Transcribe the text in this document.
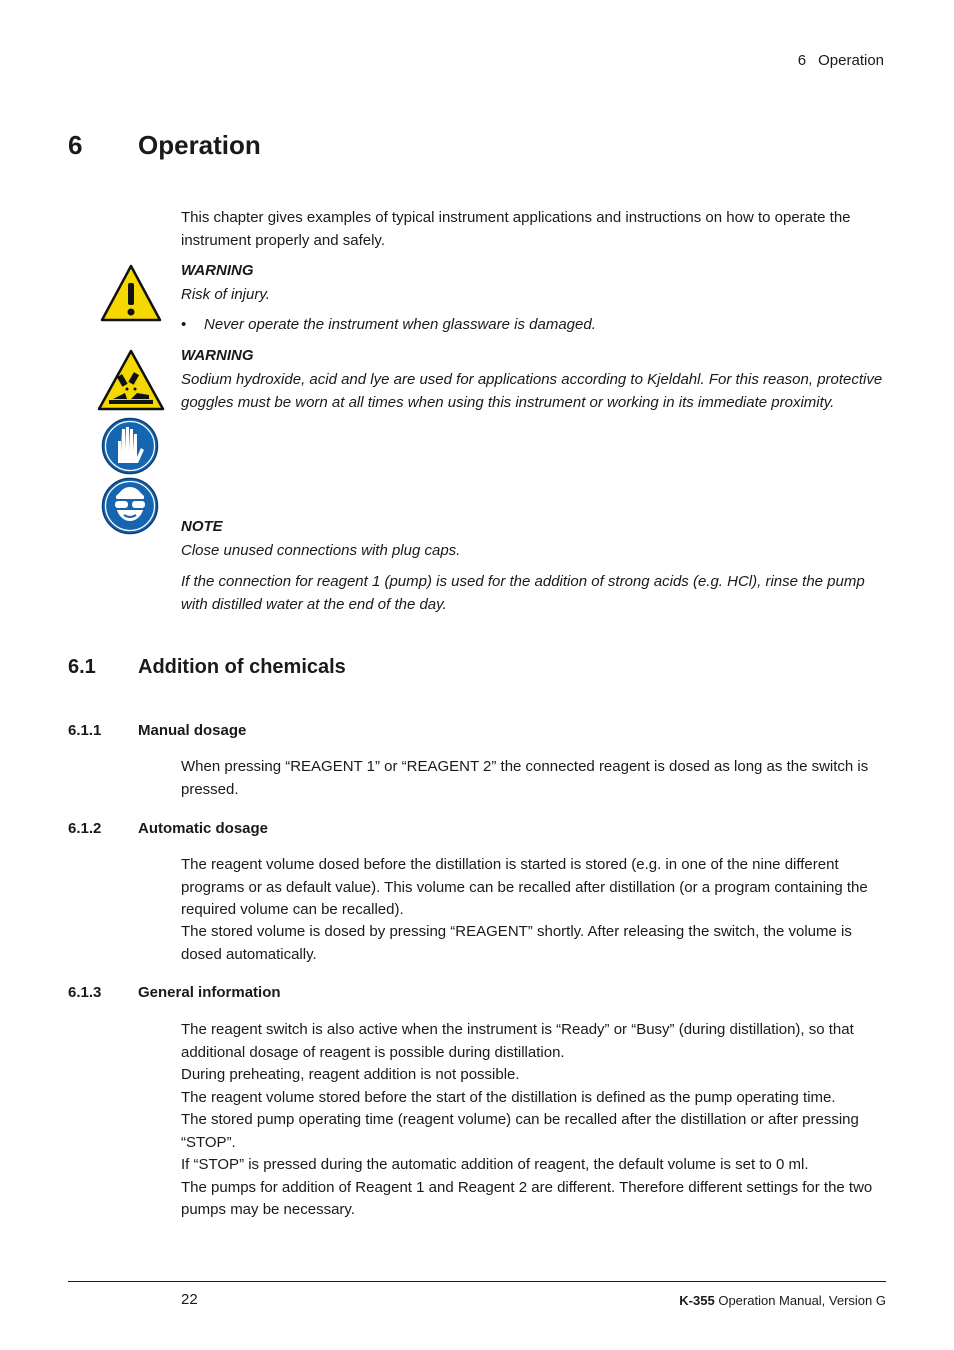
6 Operation
6 Operation

This chapter gives examples of typical instrument applications and instructions on how to operate the instrument properly and safely.

WARNING
Risk of injury.
• Never operate the instrument when glassware is damaged.
WARNING

Sodium hydroxide, acid and lye are used for applications according to Kjeldahl. For this reason, protective goggles must be worn at all times when using this instrument or working in its immediate proximity.

NOTE

Close unused connections with plug caps.

If the connection for reagent 1 (pump) is used for the addition of strong acids (e.g. HCl), rinse the pump with distilled water at the end of the day.

6.1 Addition of chemicals
6.1.1 Manual dosage

When pressing “REAGENT 1” or “REAGENT 2” the connected reagent is dosed as long as the switch is pressed.

6.1.2 Automatic dosage

The reagent volume dosed before the distillation is started is stored (e.g. in one of the nine different programs or as default value). This volume can be recalled after distillation (or a program containing the required volume can be recalled).

The stored volume is dosed by pressing “REAGENT” shortly. After releasing the switch, the volume is dosed automatically.

6.1.3 General information
The reagent switch is also active when the instrument is “Ready” or “Busy” (during distillation), so that additional dosage of reagent is possible during distillation.
During preheating, reagent addition is not possible.
The reagent volume stored before the start of the distillation is defined as the pump operating time.
The stored pump operating time (reagent volume) can be recalled after the distillation or after pressing “STOP”.
If “STOP” is pressed during the automatic addition of reagent, the default volume is set to 0 ml.
The pumps for addition of Reagent 1 and Reagent 2 are different. Therefore different settings for the two pumps may be necessary.
22	K-355 Operation Manual, Version G
